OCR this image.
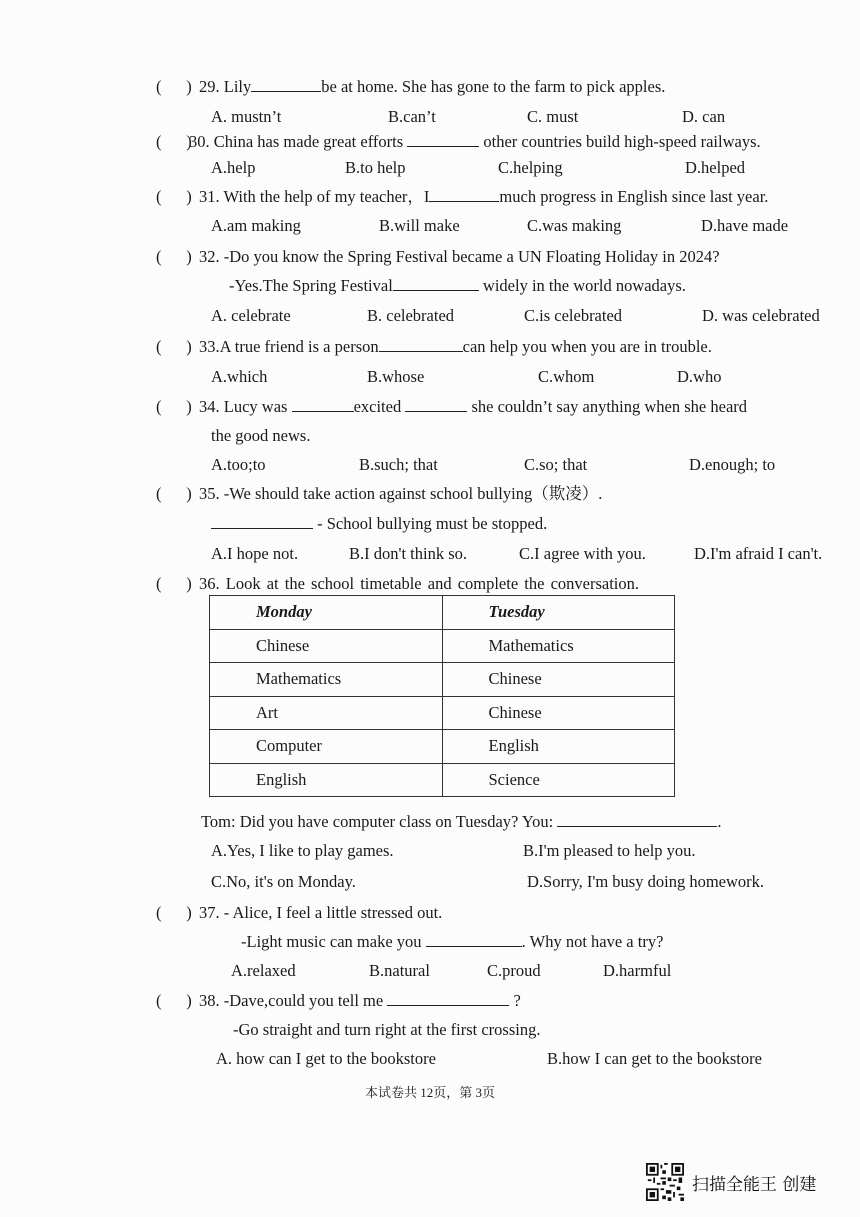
(      ) 29. Lily	be at home. She has gone to the farm to pick apples.
A. mustn’t	B.can’t	C. must	D. can
(      )
30. China has made great efforts	other countries build high-speed railways.
A.help	B.to help	C.helping	D.helped
(      ) 31. With the help of my teacher，I	much progress in English since last year.
A.am making	B.will make	C.was making	D.have made
(      ) 32. -Do you know the Spring Festival became a UN Floating Holiday in 2024?
-Yes.The Spring Festival	widely in the world nowadays.
A. celebrate	B. celebrated	C.is celebrated	D. was celebrated
(      ) 33.A true friend is a person	can help you when you are in trouble.
A.which	B.whose	C.whom	D.who
(      ) 34. Lucy was	excited	she couldn’t say anything when she heard
the good news.
A.too;to	B.such; that	C.so; that	D.enough; to
(      ) 35. -We should take action against school bullying（欺凌）.
- School bullying must be stopped.
A.I hope not.	B.I don't think so.	C.I agree with you.	D.I'm afraid I can't.
(      ) 36. Look at the school timetable and complete the conversation.
Monday	Tuesday
Chinese	Mathematics
Mathematics	Chinese
Art	Chinese
Computer	English
English	Science
Tom: Did you have computer class on Tuesday? You:	.
A.Yes, I like to play games.	B.I'm pleased to help you.
C.No, it's on Monday.	D.Sorry, I'm busy doing homework.
(      ) 37. - Alice, I feel a little stressed out.
-Light music can make you	. Why not have a try?
A.relaxed	B.natural	C.proud	D.harmful
(      ) 38. -Dave,could you tell me	?
-Go straight and turn right at the first crossing.
A. how can I get to the bookstore	B.how I can get to the bookstore
本试卷共 12页，第 3页
扫描全能王 创建
